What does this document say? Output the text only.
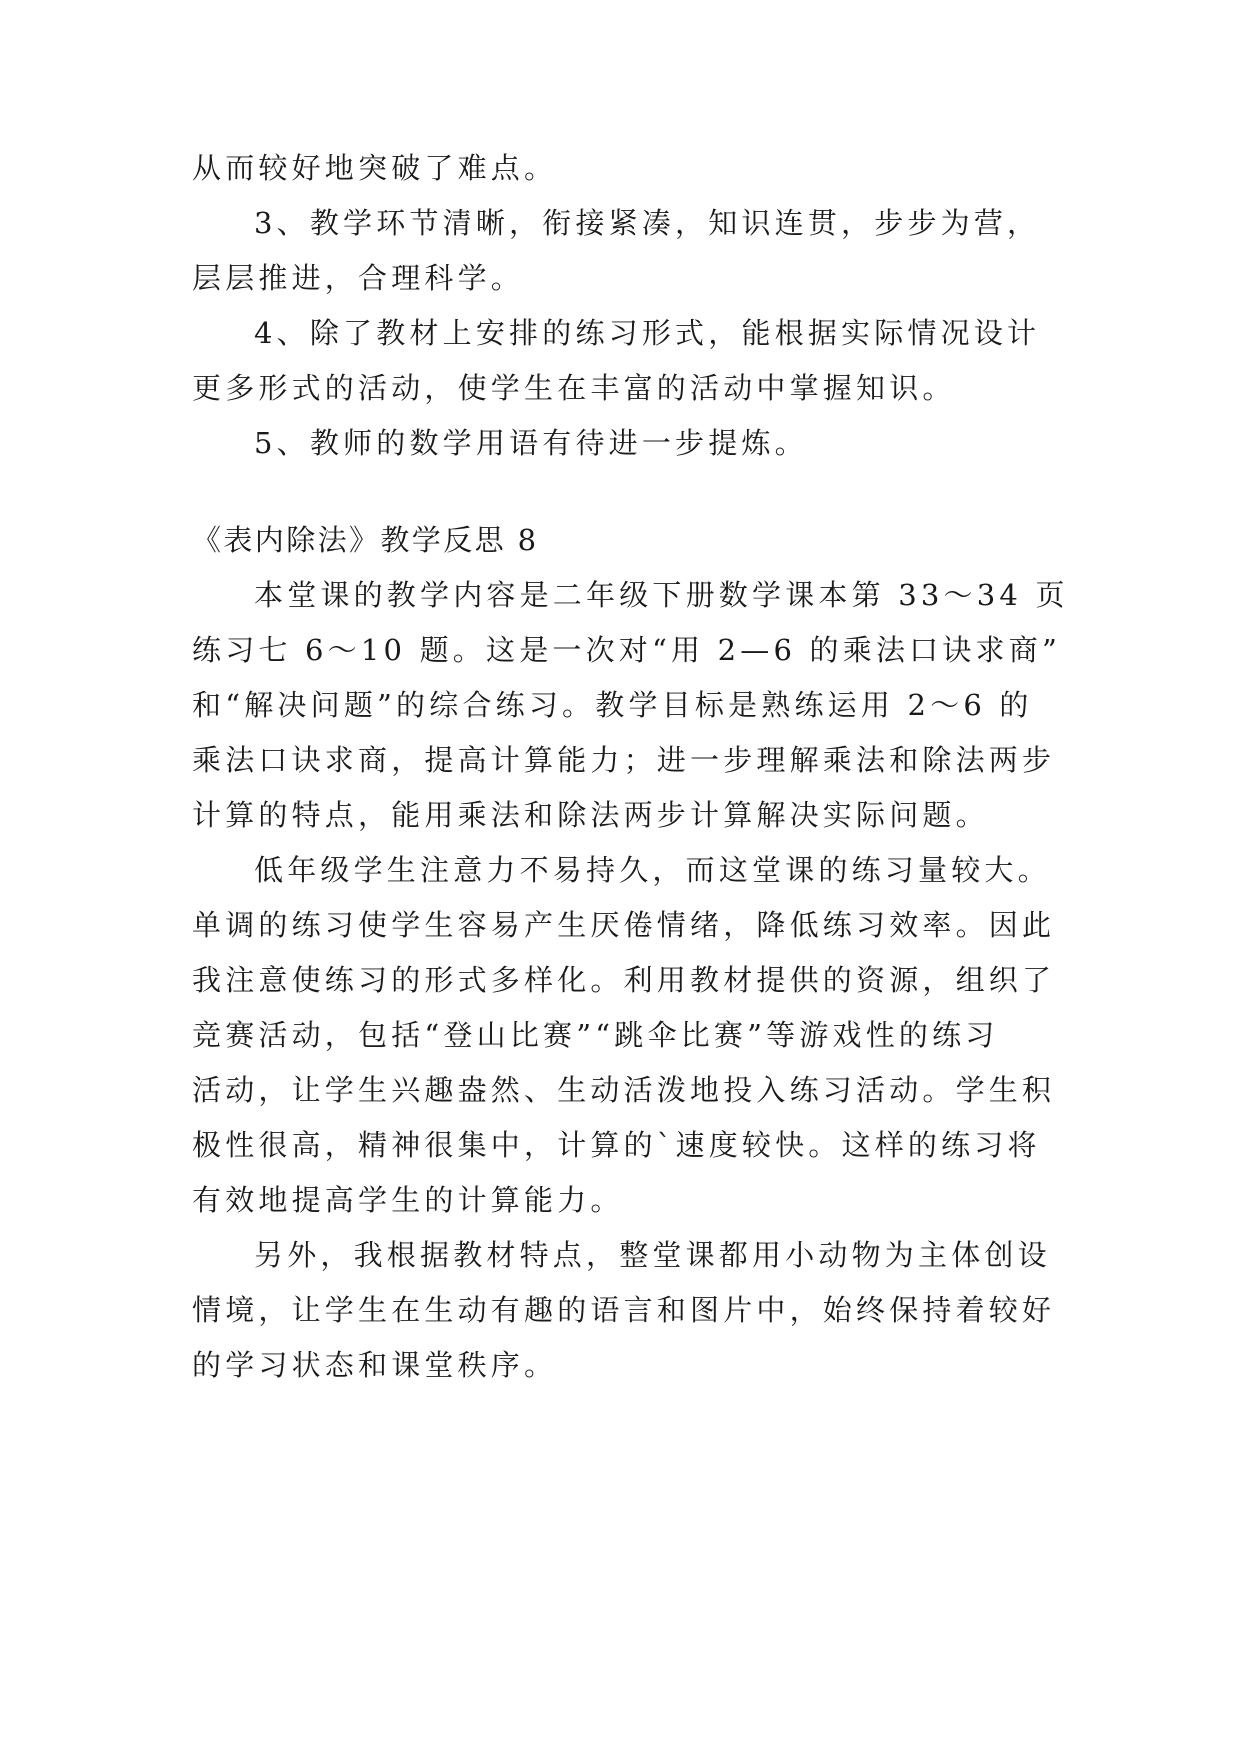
从而较好地突破了难点。
3、教学环节清晰，衔接紧凑，知识连贯，步步为营，
层层推进，合理科学。
4、除了教材上安排的练习形式，能根据实际情况设计
更多形式的活动，使学生在丰富的活动中掌握知识。
5、教师的数学用语有待进一步提炼。
《表内除法》教学反思 8
本堂课的教学内容是二年级下册数学课本第 33～34 页
练习七 6～10 题。这是一次对“用 2—6 的乘法口诀求商”
和“解决问题”的综合练习。教学目标是熟练运用 2～6 的
乘法口诀求商，提高计算能力；进一步理解乘法和除法两步
计算的特点，能用乘法和除法两步计算解决实际问题。
低年级学生注意力不易持久，而这堂课的练习量较大。
单调的练习使学生容易产生厌倦情绪，降低练习效率。因此
我注意使练习的形式多样化。利用教材提供的资源，组织了
竞赛活动，包括“登山比赛”“跳伞比赛”等游戏性的练习
活动，让学生兴趣盎然、生动活泼地投入练习活动。学生积
极性很高，精神很集中，计算的`速度较快。这样的练习将
有效地提高学生的计算能力。
另外，我根据教材特点，整堂课都用小动物为主体创设
情境，让学生在生动有趣的语言和图片中，始终保持着较好
的学习状态和课堂秩序。
